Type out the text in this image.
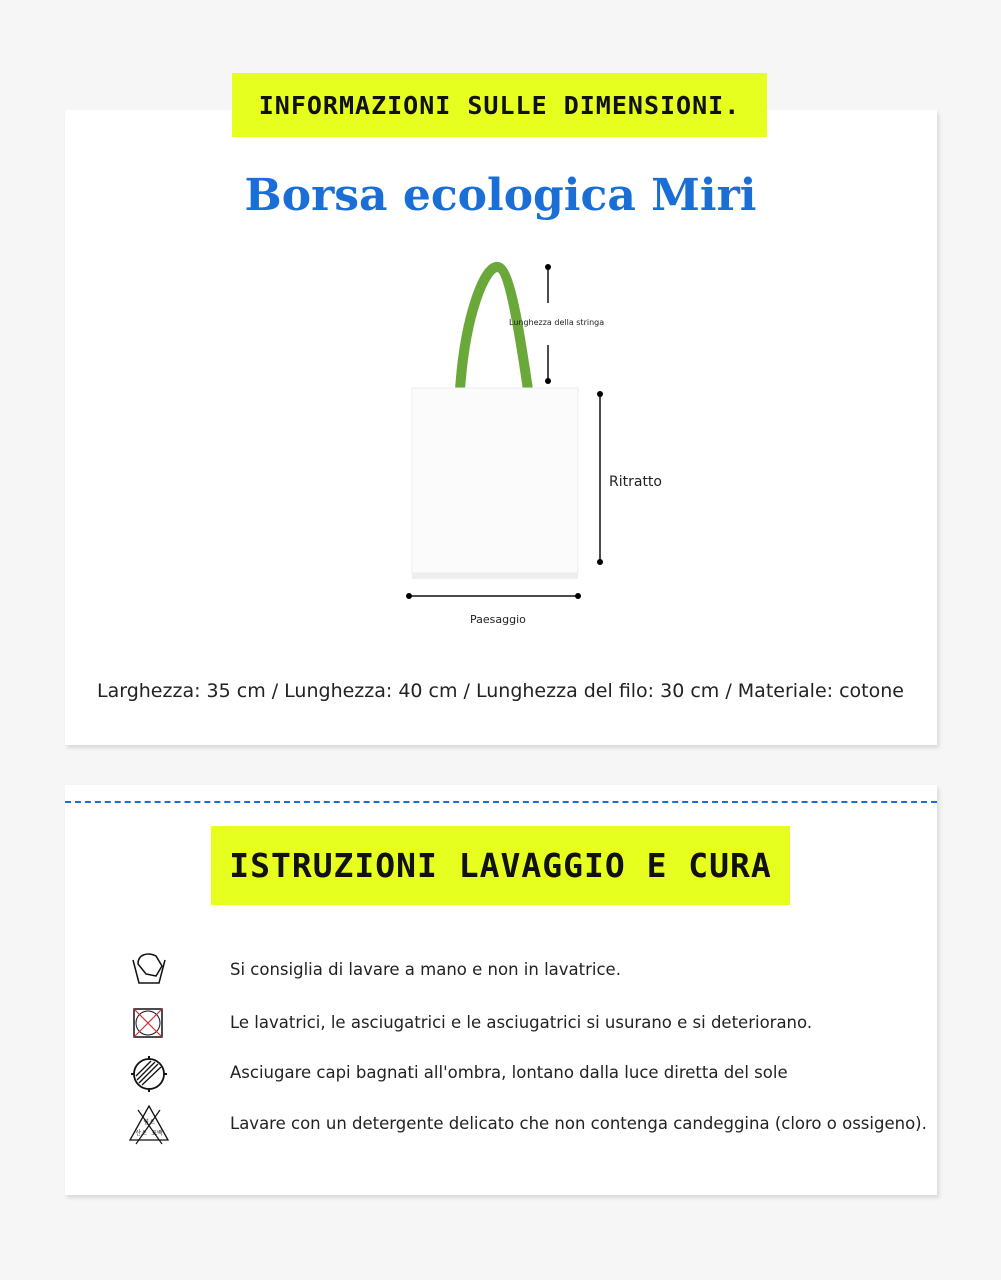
INFORMAZIONI SULLE DIMENSIONI.
Borsa ecologica Miri
Lunghezza della stringa
Ritratto
Paesaggio
Larghezza: 35 cm / Lunghezza: 40 cm / Lunghezza del filo: 30 cm / Materiale: cotone
ISTRUZIONI LAVAGGIO E CURA
Si consiglia di lavare a mano e non in lavatrice.
Le lavatrici, le asciugatrici e le asciugatrici si usurano e si deteriorano.
Asciugare capi bagnati all'ombra, lontano dalla luce diretta del sole
염소
산소 표백
Lavare con un detergente delicato che non contenga candeggina (cloro o ossigeno).
